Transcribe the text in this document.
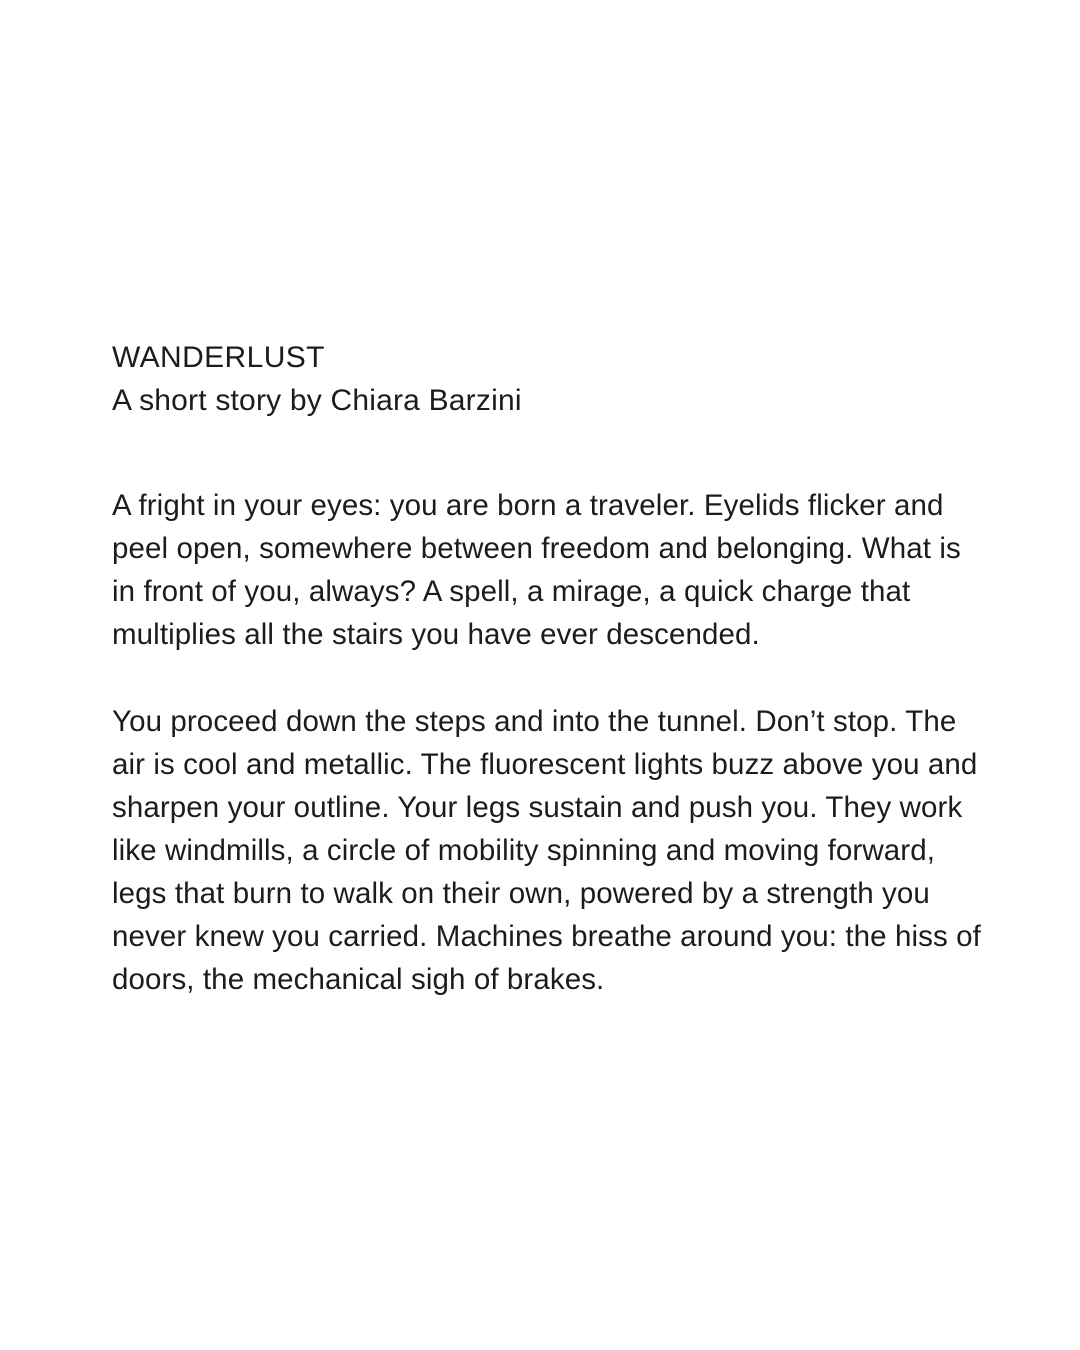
WANDERLUST

A short story by Chiara Barzini

A fright in your eyes: you are born a traveler. Eyelids flicker and peel open, somewhere between freedom and belonging. What is in front of you, always? A spell, a mirage, a quick charge that multiplies all the stairs you have ever descended.

You proceed down the steps and into the tunnel. Don’t stop. The air is cool and metallic. The fluorescent lights buzz above you and sharpen your outline. Your legs sustain and push you. They work like windmills, a circle of mobility spinning and moving forward, legs that burn to walk on their own, powered by a strength you never knew you carried. Machines breathe around you: the hiss of doors, the mechanical sigh of brakes.
